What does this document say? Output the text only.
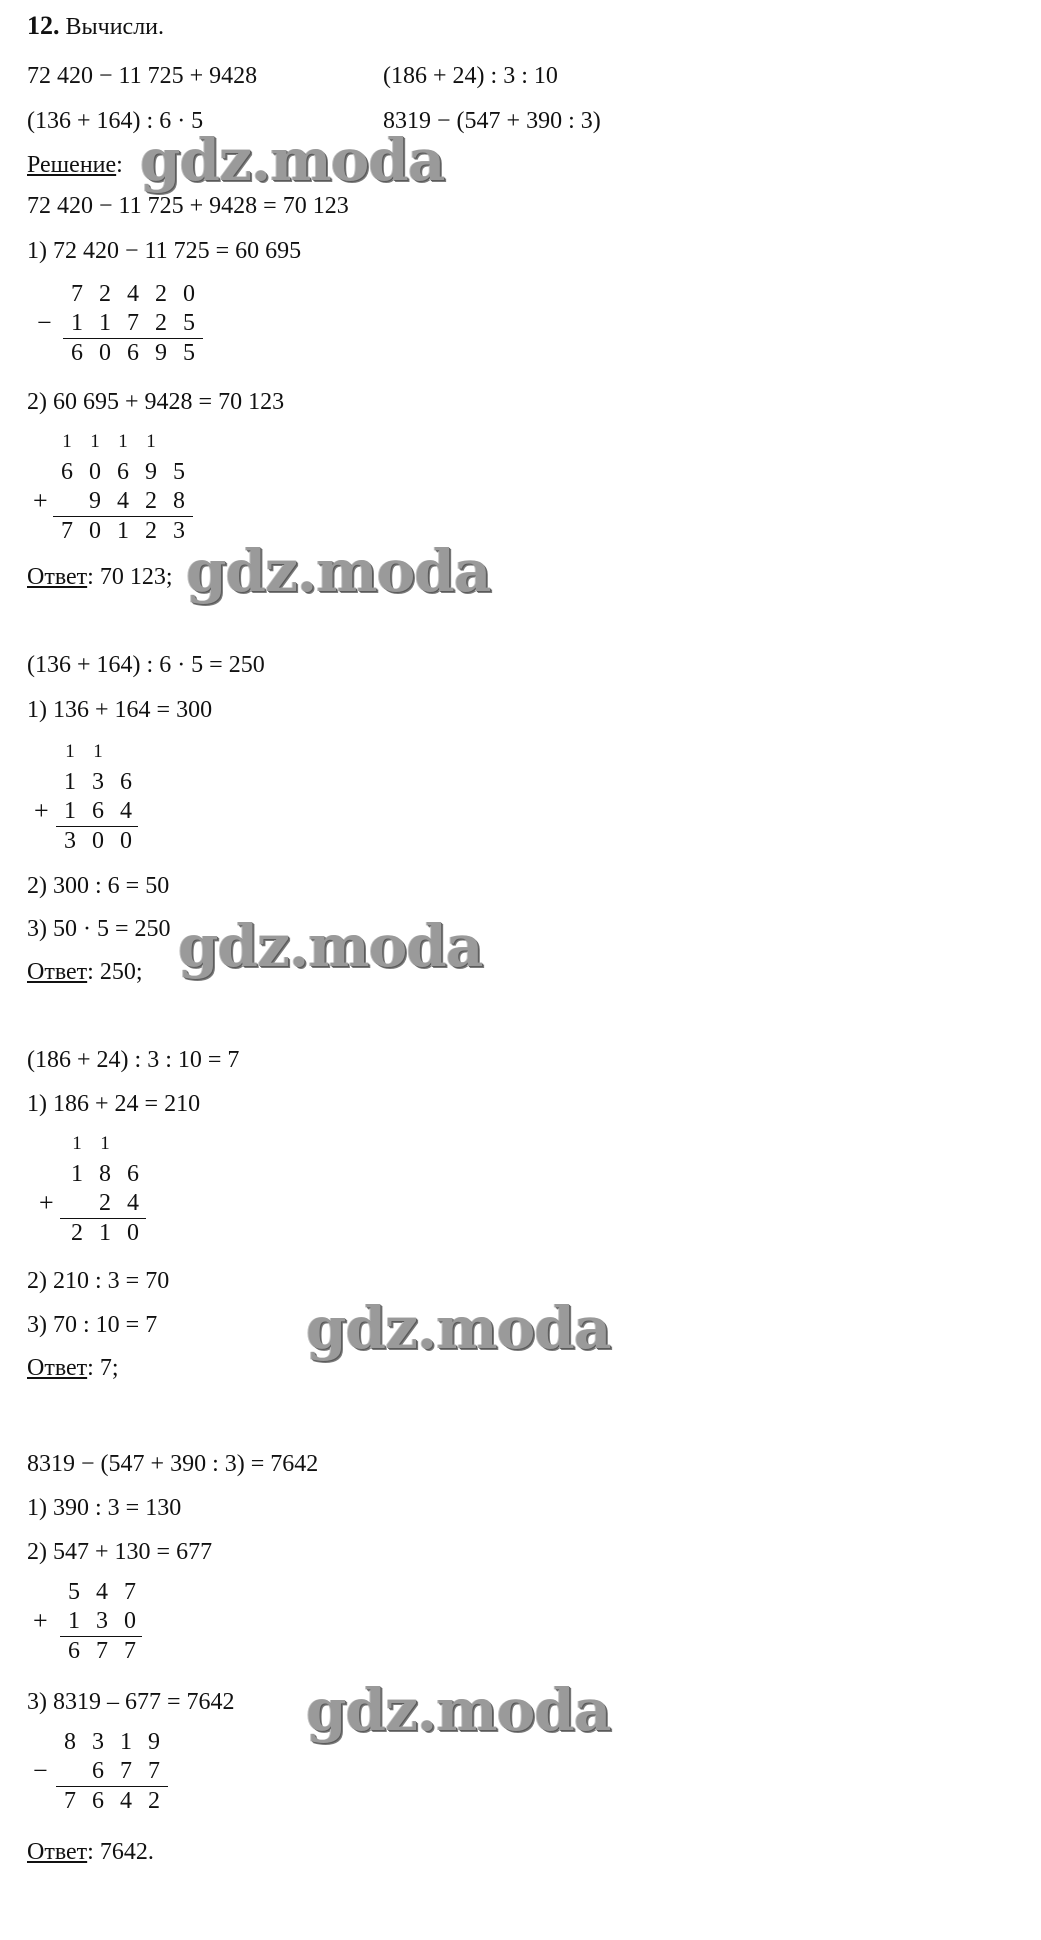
12. Вычисли.
72 420 − 11 725 + 9428	(186 + 24) : 3 : 10
(136 + 164) : 6 · 5	8319 − (547 + 390 : 3)
Решение: gdz.moda
72 420 − 11 725 + 9428 = 70 123
1) 72 420 − 11 725 = 60 695
7 2 4 2 0
− 1 1 7 2 5
6 0 6 9 5
2) 60 695 + 9428 = 70 123
1 1 1 1
6 0 6 9 5
+	9 4 2 8
7 0 1 2 3
Ответ: 70 123; gdz.moda
(136 + 164) : 6 · 5 = 250
1) 136 + 164 = 300
1 1
1 3 6
+ 1 6 4
3 0 0
2) 300 : 6 = 50
3) 50 · 5 = 250
Ответ: 250; gdz.moda
(186 + 24) : 3 : 10 = 7
1) 186 + 24 = 210
1 1
1 8 6
+	2 4
2 1 0
2) 210 : 3 = 70
3) 70 : 10 = 7
Ответ: 7;
gdz.moda
8319 − (547 + 390 : 3) = 7642
1) 390 : 3 = 130
2) 547 + 130 = 677
5 4 7
+ 1 3 0
6 7 7
3) 8319 – 677 = 7642 gdz.moda
8 3 1 9
−	6 7 7
7 6 4 2
Ответ: 7642.
